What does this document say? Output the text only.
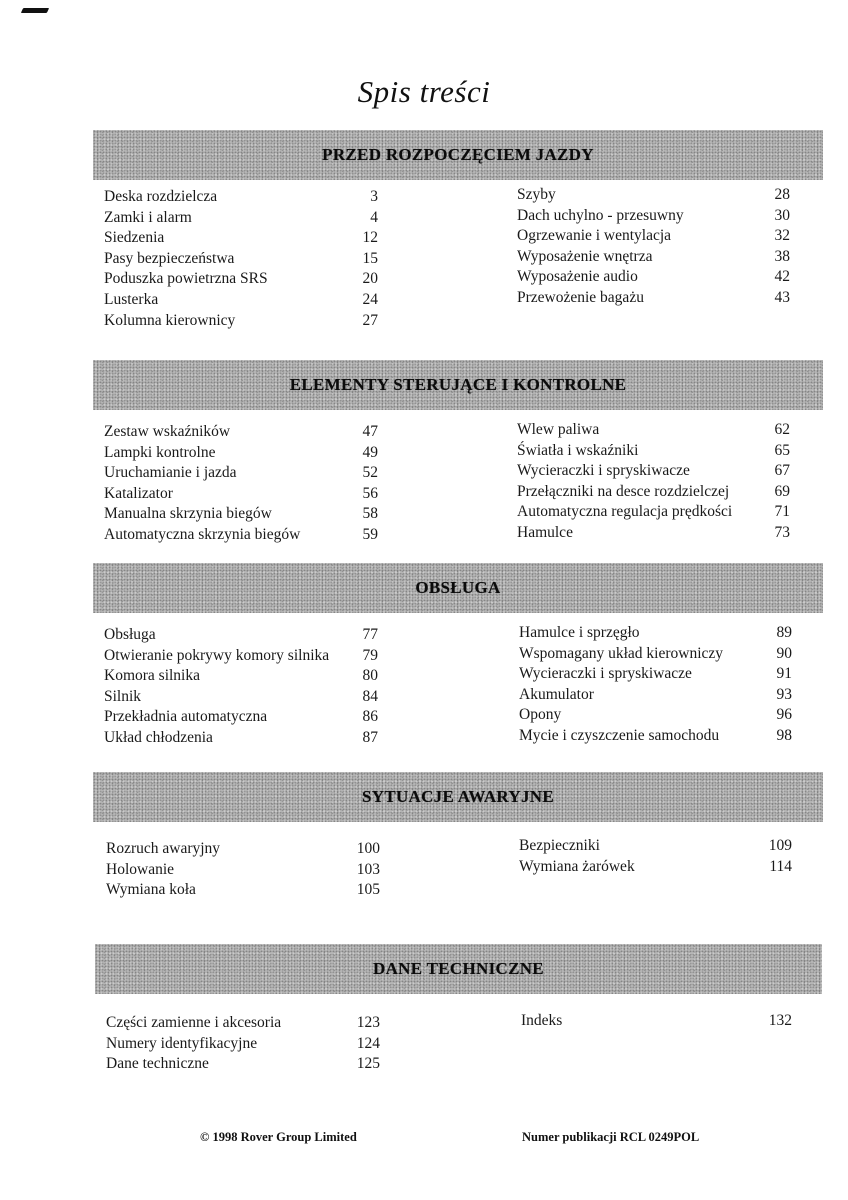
Spis treści
PRZED ROZPOCZĘCIEM JAZDY
Deska rozdzielcza	3
Zamki i alarm	4
Siedzenia	12
Pasy bezpieczeństwa	15
Poduszka powietrzna SRS	20
Lusterka	24
Kolumna kierownicy	27
Szyby	28
Dach uchylno - przesuwny	30
Ogrzewanie i wentylacja	32
Wyposażenie wnętrza	38
Wyposażenie audio	42
Przewożenie bagażu	43
ELEMENTY STERUJĄCE I KONTROLNE
Zestaw wskaźników	47
Lampki kontrolne	49
Uruchamianie i jazda	52
Katalizator	56
Manualna skrzynia biegów	58
Automatyczna skrzynia biegów	59
Wlew paliwa	62
Światła i wskaźniki	65
Wycieraczki i spryskiwacze	67
Przełączniki na desce rozdzielczej	69
Automatyczna regulacja prędkości	71
Hamulce	73
OBSŁUGA
Obsługa	77
Otwieranie pokrywy komory silnika 79
Komora silnika	80
Silnik	84
Przekładnia automatyczna	86
Układ chłodzenia	87
Hamulce i sprzęgło	89
Wspomagany układ kierowniczy	90
Wycieraczki i spryskiwacze	91
Akumulator	93
Opony	96
Mycie i czyszczenie samochodu	98
SYTUACJE AWARYJNE
Rozruch awaryjny	100
Holowanie	103
Wymiana koła	105
Bezpieczniki	109
Wymiana żarówek	114
DANE TECHNICZNE
Części zamienne i akcesoria	123
Numery identyfikacyjne	124
Dane techniczne	125
Indeks	132
© 1998 Rover Group Limited	Numer publikacji RCL 0249POL
